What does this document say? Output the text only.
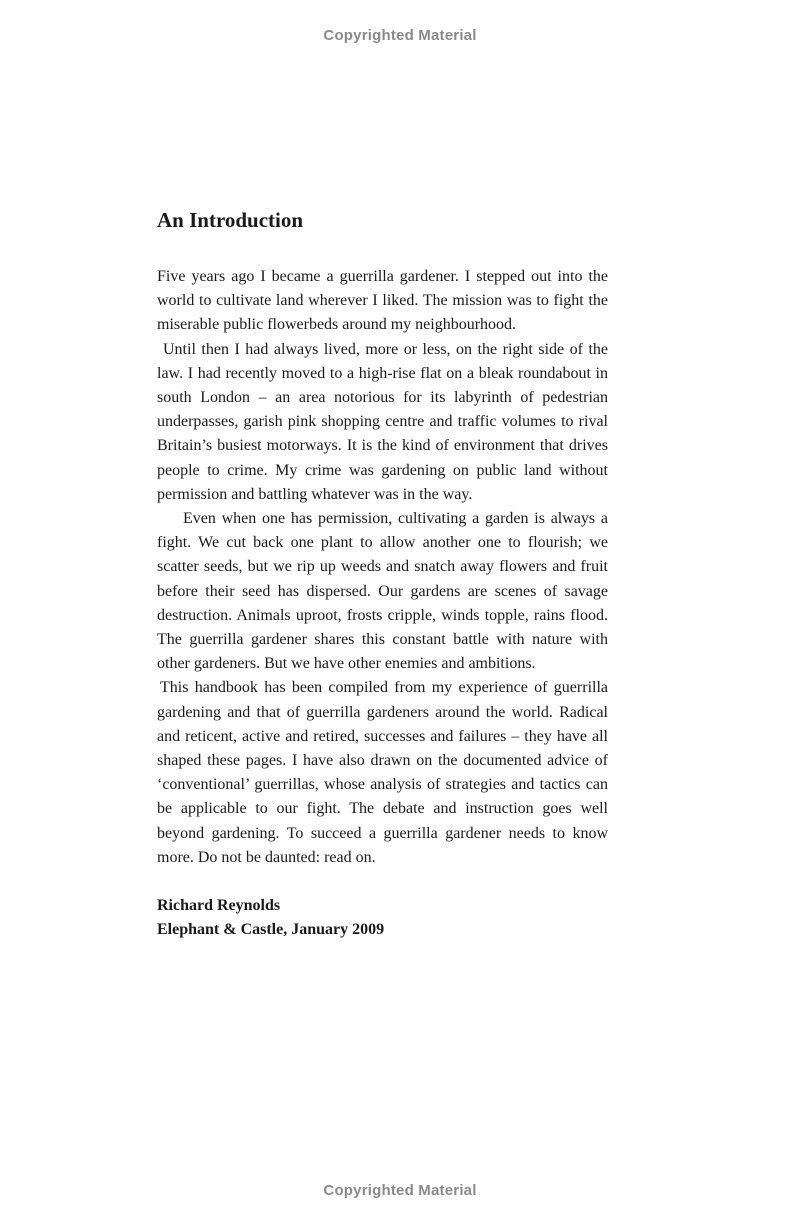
Copyrighted Material
An Introduction

Five years ago I became a guerrilla gardener. I stepped out into the world to cultivate land wherever I liked. The mission was to fight the miserable public flowerbeds around my neighbourhood.

Until then I had always lived, more or less, on the right side of the law. I had recently moved to a high-rise flat on a bleak roundabout in south London – an area notorious for its labyrinth of pedestrian underpasses, garish pink shopping centre and traffic volumes to rival Britain’s busiest motorways. It is the kind of environment that drives people to crime. My crime was gardening on public land without permission and battling whatever was in the way.

Even when one has permission, cultivating a garden is always a fight. We cut back one plant to allow another one to flourish; we scatter seeds, but we rip up weeds and snatch away flowers and fruit before their seed has dispersed. Our gardens are scenes of savage destruction. Animals uproot, frosts cripple, winds topple, rains flood. The guerrilla gardener shares this constant battle with nature with other gardeners. But we have other enemies and ambitions.

This handbook has been compiled from my experience of guerrilla gardening and that of guerrilla gardeners around the world. Radical and reticent, active and retired, successes and failures – they have all shaped these pages. I have also drawn on the documented advice of ‘conventional’ guerrillas, whose analysis of strategies and tactics can be applicable to our fight. The debate and instruction goes well beyond gardening. To succeed a guerrilla gardener needs to know more. Do not be daunted: read on.

Richard Reynolds
Elephant & Castle, January 2009
Copyrighted Material
